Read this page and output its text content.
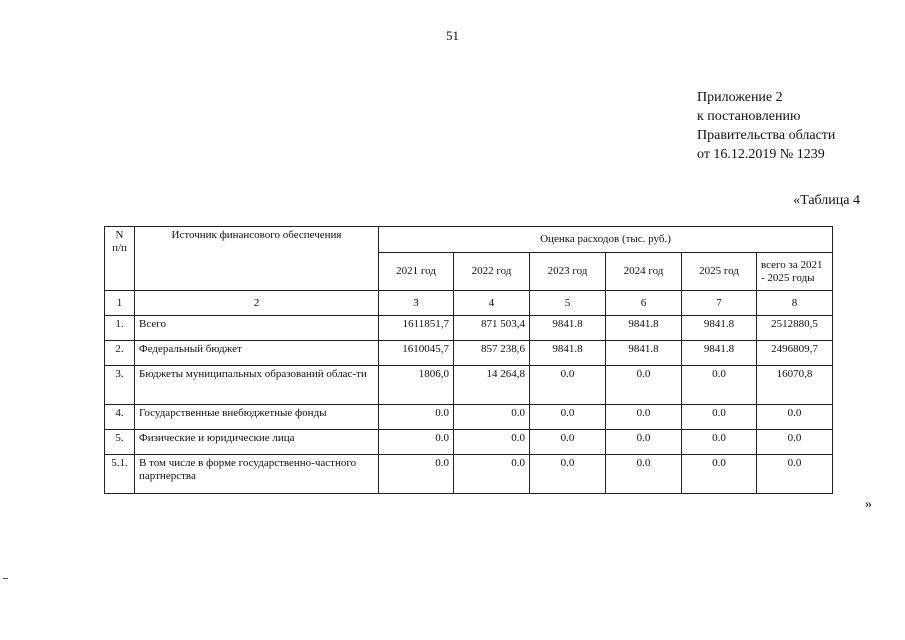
51
Приложение 2
к постановлению
Правительства области
от 16.12.2019 № 1239
«Таблица 4
N
п/п	Источник финансового обеспечения	Оценка расходов (тыс. руб.)					
		2021 год	2022 год	2023 год	2024 год	2025 год	всего за 2021 - 2025 годы
1	2	3	4	5	6	7	8
1.	Всего	1611851,7	871 503,4	9841.8	9841.8	9841.8	2512880,5
2.	Федеральный бюджет	1610045,7	857 238,6	9841.8	9841.8	9841.8	2496809,7
3.	Бюджеты муниципальных образований облас-ти	1806,0	14 264,8	0.0	0.0	0.0	16070,8
4.	Государственные внебюджетные фонды	0.0	0.0	0.0	0.0	0.0	0.0
5.	Физические и юридические лица	0.0	0.0	0.0	0.0	0.0	0.0
5.1.	В том числе в форме государственно-частного партнерства	0.0	0.0	0.0	0.0	0.0	0.0
»
